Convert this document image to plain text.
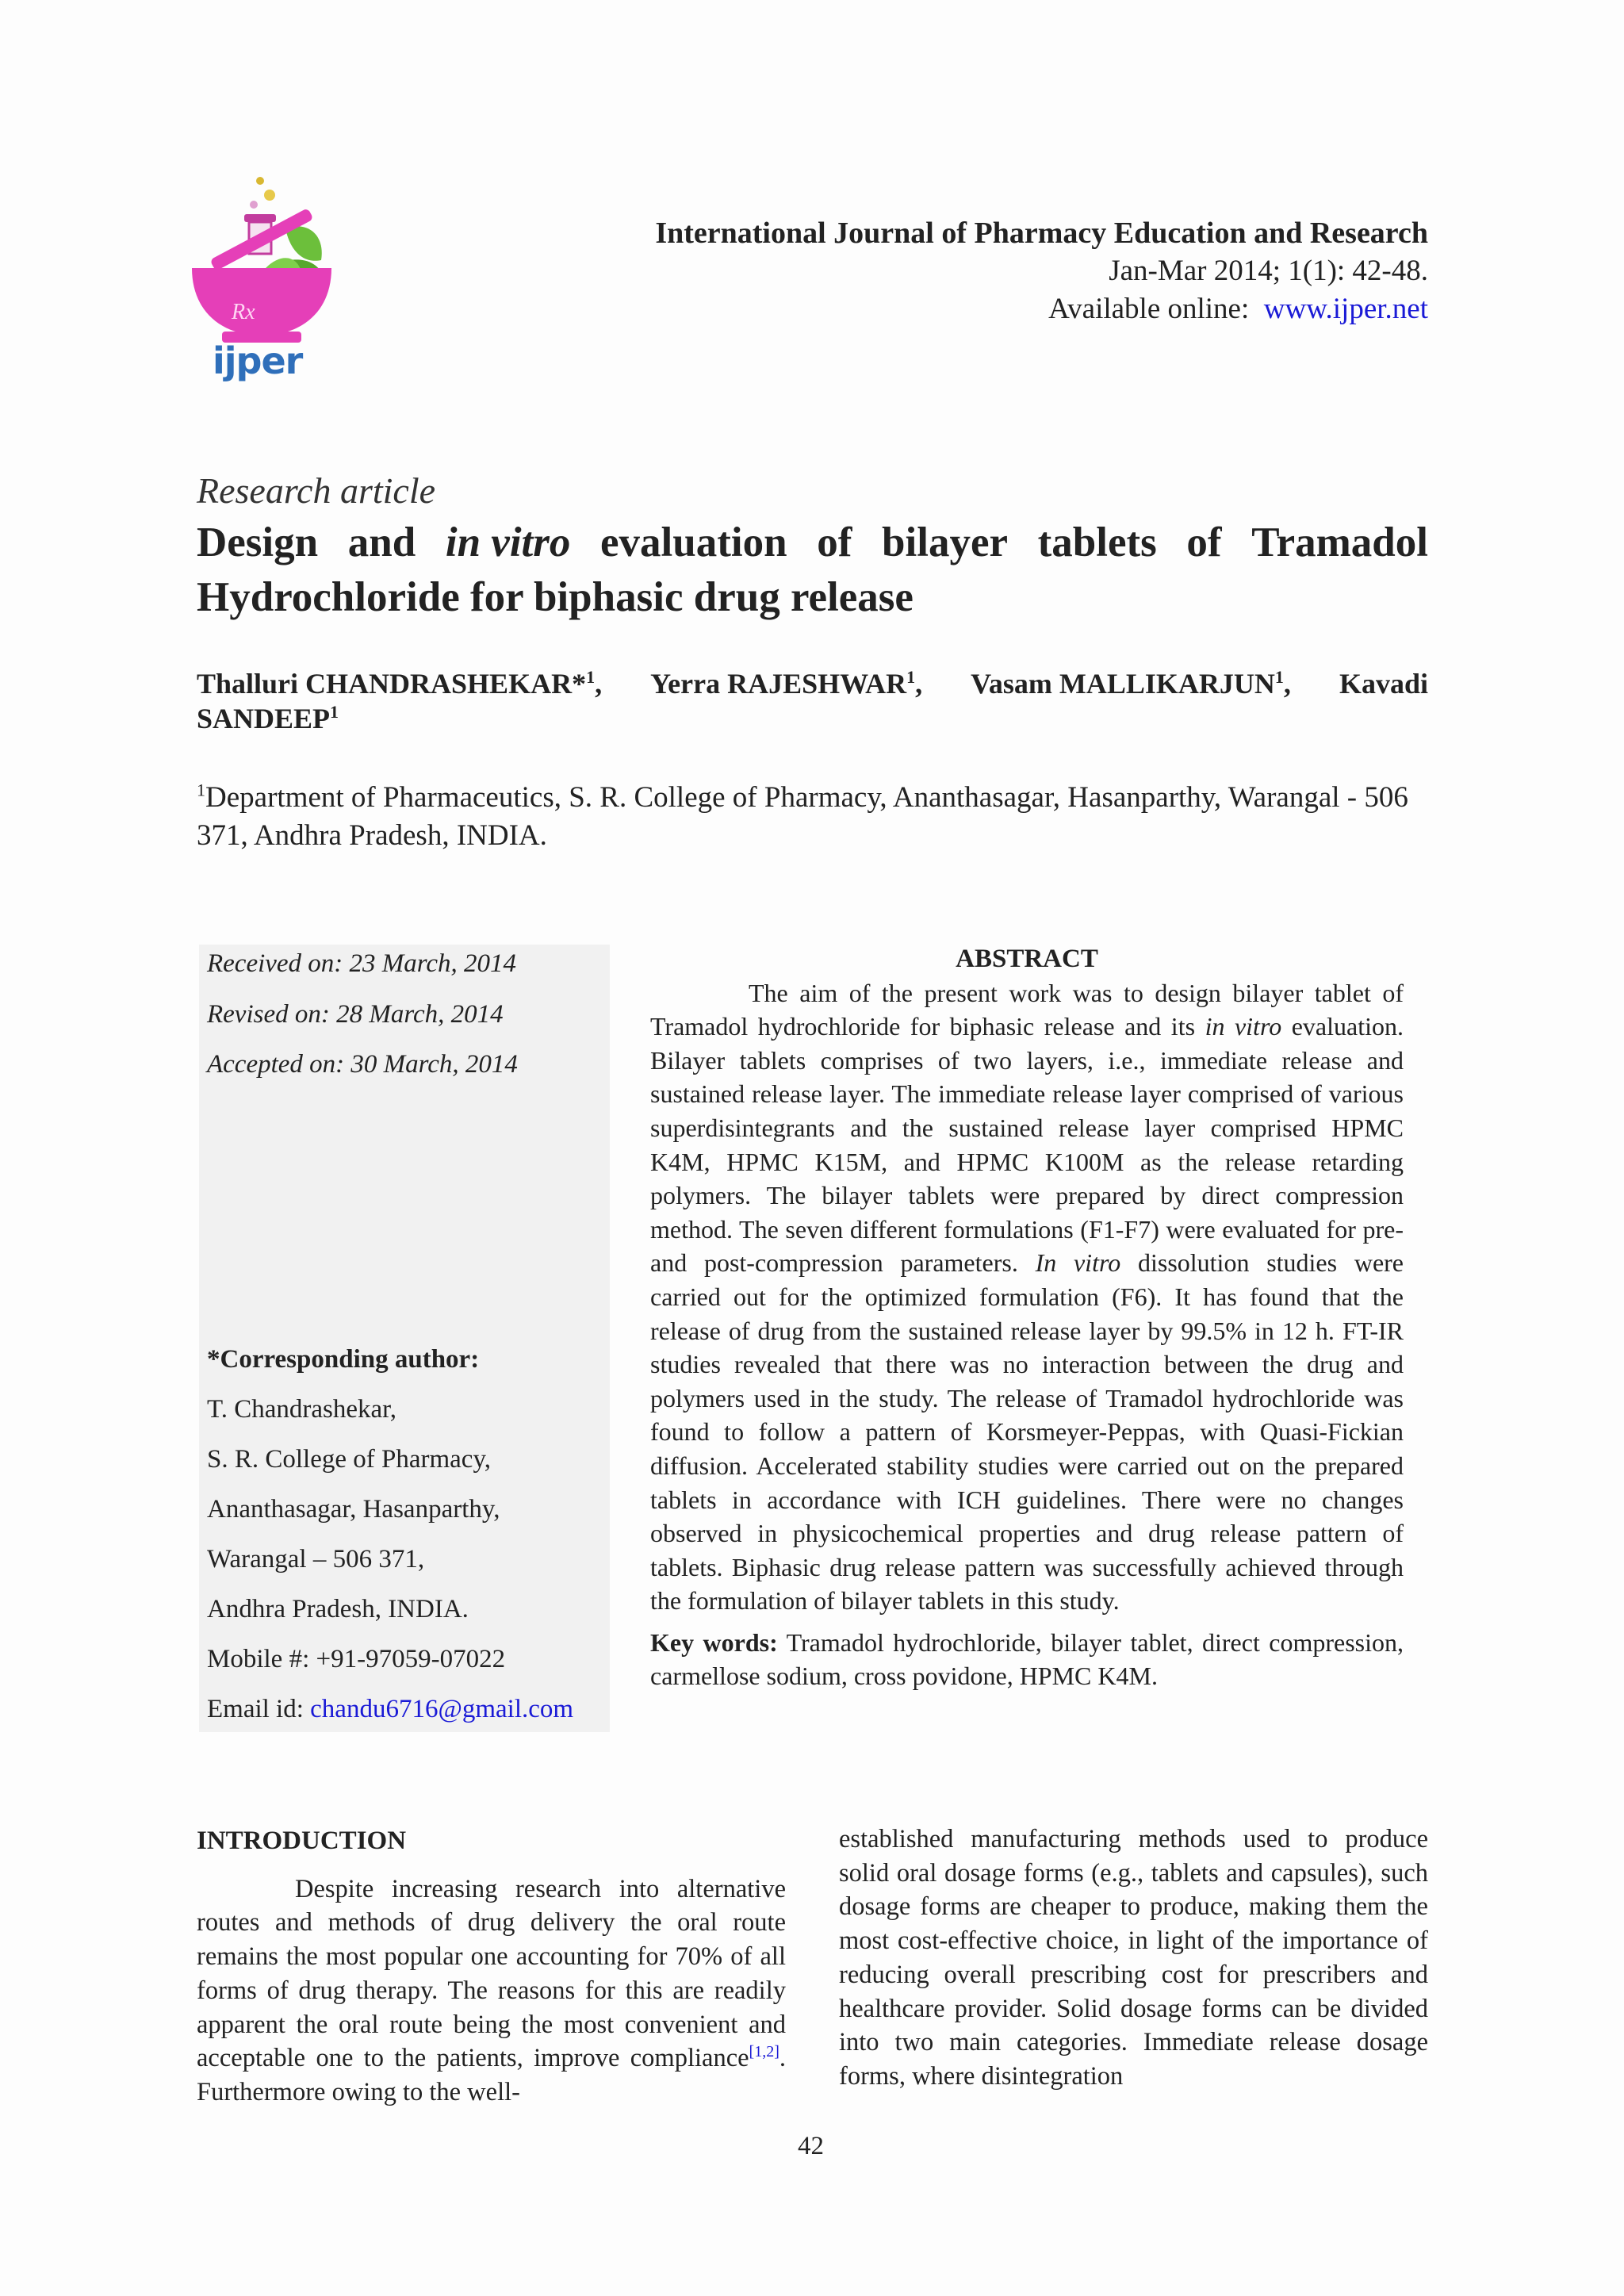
Rx
ijper
International Journal of Pharmacy Education and Research
Jan-Mar 2014; 1(1): 42-48.
Available online: www.ijper.net
Research article
Design and in vitro evaluation of bilayer tablets of Tramadol
Hydrochloride for biphasic drug release
Thalluri CHANDRASHEKAR*$^1$, Yerra RAJESHWAR$^1$, Vasam MALLIKARJUN$^1$, Kavadi
SANDEEP$^1$
$^1$Department of Pharmaceutics, S. R. College of Pharmacy, Ananthasagar, Hasanparthy, Warangal - 506
371, Andhra Pradesh, INDIA.
Received on: 23 March, 2014
Revised on: 28 March, 2014
Accepted on: 30 March, 2014
*Corresponding author:
T. Chandrashekar,
S. R. College of Pharmacy,
Ananthasagar, Hasanparthy,
Warangal – 506 371,
Andhra Pradesh, INDIA.
Mobile #: +91-97059-07022
Email id: chandu6716@gmail.com
ABSTRACT
The aim of the present work was to design bilayer tablet of Tramadol hydrochloride for biphasic release and its in vitro evaluation. Bilayer tablets comprises of two layers, i.e., immediate release and sustained release layer. The immediate release layer comprised of various superdisintegrants and the sustained release layer comprised HPMC K4M, HPMC K15M, and HPMC K100M as the release retarding polymers. The bilayer tablets were prepared by direct compression method. The seven different formulations (F1-F7) were evaluated for pre- and post-compression parameters. In vitro dissolution studies were carried out for the optimized formulation (F6). It has found that the release of drug from the sustained release layer by 99.5% in 12 h. FT-IR studies revealed that there was no interaction between the drug and polymers used in the study. The release of Tramadol hydrochloride was found to follow a pattern of Korsmeyer-Peppas, with Quasi-Fickian diffusion. Accelerated stability studies were carried out on the prepared tablets in accordance with ICH guidelines. There were no changes observed in physicochemical properties and drug release pattern of tablets. Biphasic drug release pattern was successfully achieved through the formulation of bilayer tablets in this study.
Key words: Tramadol hydrochloride, bilayer tablet, direct compression, carmellose sodium, cross povidone, HPMC K4M.
INTRODUCTION
Despite increasing research into alternative routes and methods of drug delivery the oral route remains the most popular one accounting for 70% of all forms of drug therapy. The reasons for this are readily apparent the oral route being the most convenient and acceptable one to the patients, improve compliance[1,2]. Furthermore owing to the well-
established manufacturing methods used to produce solid oral dosage forms (e.g., tablets and capsules), such dosage forms are cheaper to produce, making them the most cost-effective choice, in light of the importance of reducing overall prescribing cost for prescribers and healthcare provider. Solid dosage forms can be divided into two main categories. Immediate release dosage forms, where disintegration
42
